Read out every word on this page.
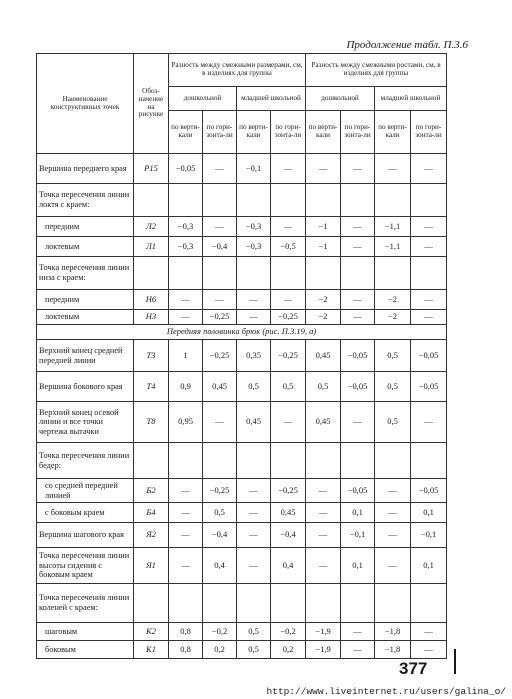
Продолжение табл. П.3.6
Наименование конструктивных точек	Обоз-начение на рисунке	Разность между смежными размерами, см, в изделиях для группы				Разность между смежными ростами, см, в изделиях для группы			
		дошкольной		младшей школьной		дошкольной		младшей школьной	
		по верти-кали	по гори-зонта-ли	по верти-кали	по гори-зонта-ли	по верти-кали	по гори-зонта-ли	по верти-кали	по гори-зонта-ли
Вершина переднего края	P15	−0,05	—	−0,1	—	—	—	—	—
Точка пересечения линии локтя с краем:									
передним	Л2	−0,3	—	−0,3	—	−1	—	−1,1	—
локтевым	Л1	−0,3	−0,4	−0,3	−0,5	−1	—	−1,1	—
Точка пересечения линии низа с краем:									
передним	Н6	—	—	—	—	−2	—	−2	—
локтевым	Н3	—	−0,25	—	−0,25	−2	—	−2	—
Передняя половинка брюк (рис. П.3.19, а)									
Верхний конец средней передней линии	T3	1	−0,25	0,35	−0,25	0,45	−0,05	0,5	−0,05
Вершина бокового края	T4	0,9	0,45	0,5	0,5	0,5	−0,05	0,5	−0,05
Верхний конец осевой линии и все точки чертежа вытачки	T8	0,95	—	0,45	—	0,45	—	0,5	—
Точка пересечения линии бедер:									
со средней передней линией	Б2	—	−0,25	—	−0,25	—	−0,05	—	−0,05
с боковым краем	Б4	—	0,5	—	0,45	—	0,1	—	0,1
Вершина шагового края	Я2	—	−0,4	—	−0,4	—	−0,1	—	−0,1
Точка пересечения линии высоты сидения с боковым краем	Я1	—	0,4	—	0,4	—	0,1	—	0,1
Точка пересечения линии коленей с краем:									
шаговым	К2	0,8	−0,2	0,5	−0,2	−1,9	—	−1,8	—
боковым	К1	0,8	0,2	0,5	0,2	−1,9	—	−1,8	—
377
http://www.liveinternet.ru/users/galina_o/
